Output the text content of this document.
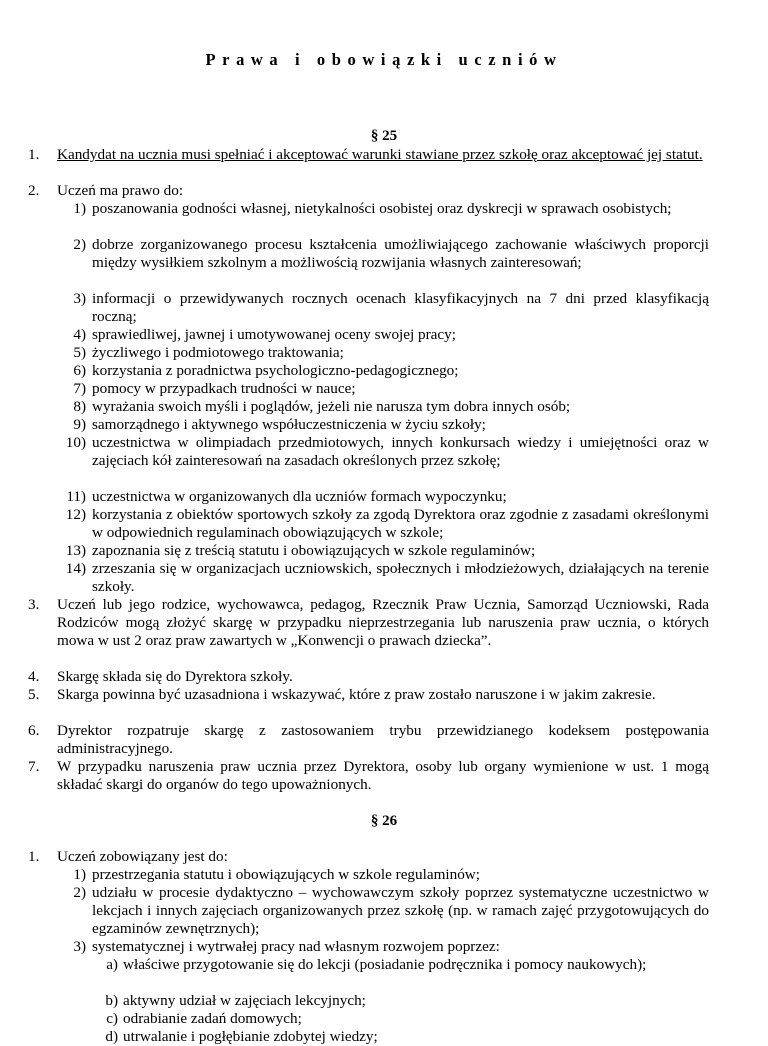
Prawa i obowiązki uczniów
§ 25
1.	Kandydat na ucznia musi spełniać i akceptować warunki stawiane przez szkołę oraz akceptować jej statut.
2.	Uczeń ma prawo do:
1) poszanowania godności własnej, nietykalności osobistej oraz dyskrecji w sprawach osobistych;
2) dobrze zorganizowanego procesu kształcenia umożliwiającego zachowanie właściwych proporcji między wysiłkiem szkolnym a możliwością rozwijania własnych zainteresowań;
3) informacji o przewidywanych rocznych ocenach klasyfikacyjnych na 7 dni przed klasyfikacją roczną;
4) sprawiedliwej, jawnej i umotywowanej oceny swojej pracy;
5) życzliwego i podmiotowego traktowania;
6) korzystania z poradnictwa psychologiczno-pedagogicznego;
7) pomocy w przypadkach trudności w nauce;
8) wyrażania swoich myśli i poglądów, jeżeli nie narusza tym dobra innych osób;
9) samorządnego i aktywnego współuczestniczenia w życiu szkoły;
10) uczestnictwa w olimpiadach przedmiotowych, innych konkursach wiedzy i umiejętności oraz w zajęciach kół zainteresowań na zasadach określonych przez szkołę;
11) uczestnictwa w organizowanych dla uczniów formach wypoczynku;
12) korzystania z obiektów sportowych szkoły za zgodą Dyrektora oraz zgodnie z zasadami określonymi w odpowiednich regulaminach obowiązujących w szkole;
13) zapoznania się z treścią statutu i obowiązujących w szkole regulaminów;
14) zrzeszania się w organizacjach uczniowskich, społecznych i młodzieżowych, działających na terenie szkoły.
3.	Uczeń lub jego rodzice, wychowawca, pedagog, Rzecznik Praw Ucznia, Samorząd Uczniowski, Rada Rodziców mogą złożyć skargę w przypadku nieprzestrzegania lub naruszenia praw ucznia, o których mowa w ust 2 oraz praw zawartych w „Konwencji o prawach dziecka”.
4.	Skargę składa się do Dyrektora szkoły.
5.	Skarga powinna być uzasadniona i wskazywać, które z praw zostało naruszone i w jakim zakresie.
6.	Dyrektor rozpatruje skargę z zastosowaniem trybu przewidzianego kodeksem postępowania administracyjnego.
7.	W przypadku naruszenia praw ucznia przez Dyrektora, osoby lub organy wymienione w ust. 1 mogą składać skargi do organów do tego upoważnionych.
§ 26
1.	Uczeń zobowiązany jest do:
1) przestrzegania statutu i obowiązujących w szkole regulaminów;
2) udziału w procesie dydaktyczno – wychowawczym szkoły poprzez systematyczne uczestnictwo w lekcjach i innych zajęciach organizowanych przez szkołę (np. w ramach zajęć przygotowujących do egzaminów zewnętrznych);
3) systematycznej i wytrwałej pracy nad własnym rozwojem poprzez:
a) właściwe przygotowanie się do lekcji (posiadanie podręcznika i pomocy naukowych);
b) aktywny udział w zajęciach lekcyjnych;
c) odrabianie zadań domowych;
d) utrwalanie i pogłębianie zdobytej wiedzy;
